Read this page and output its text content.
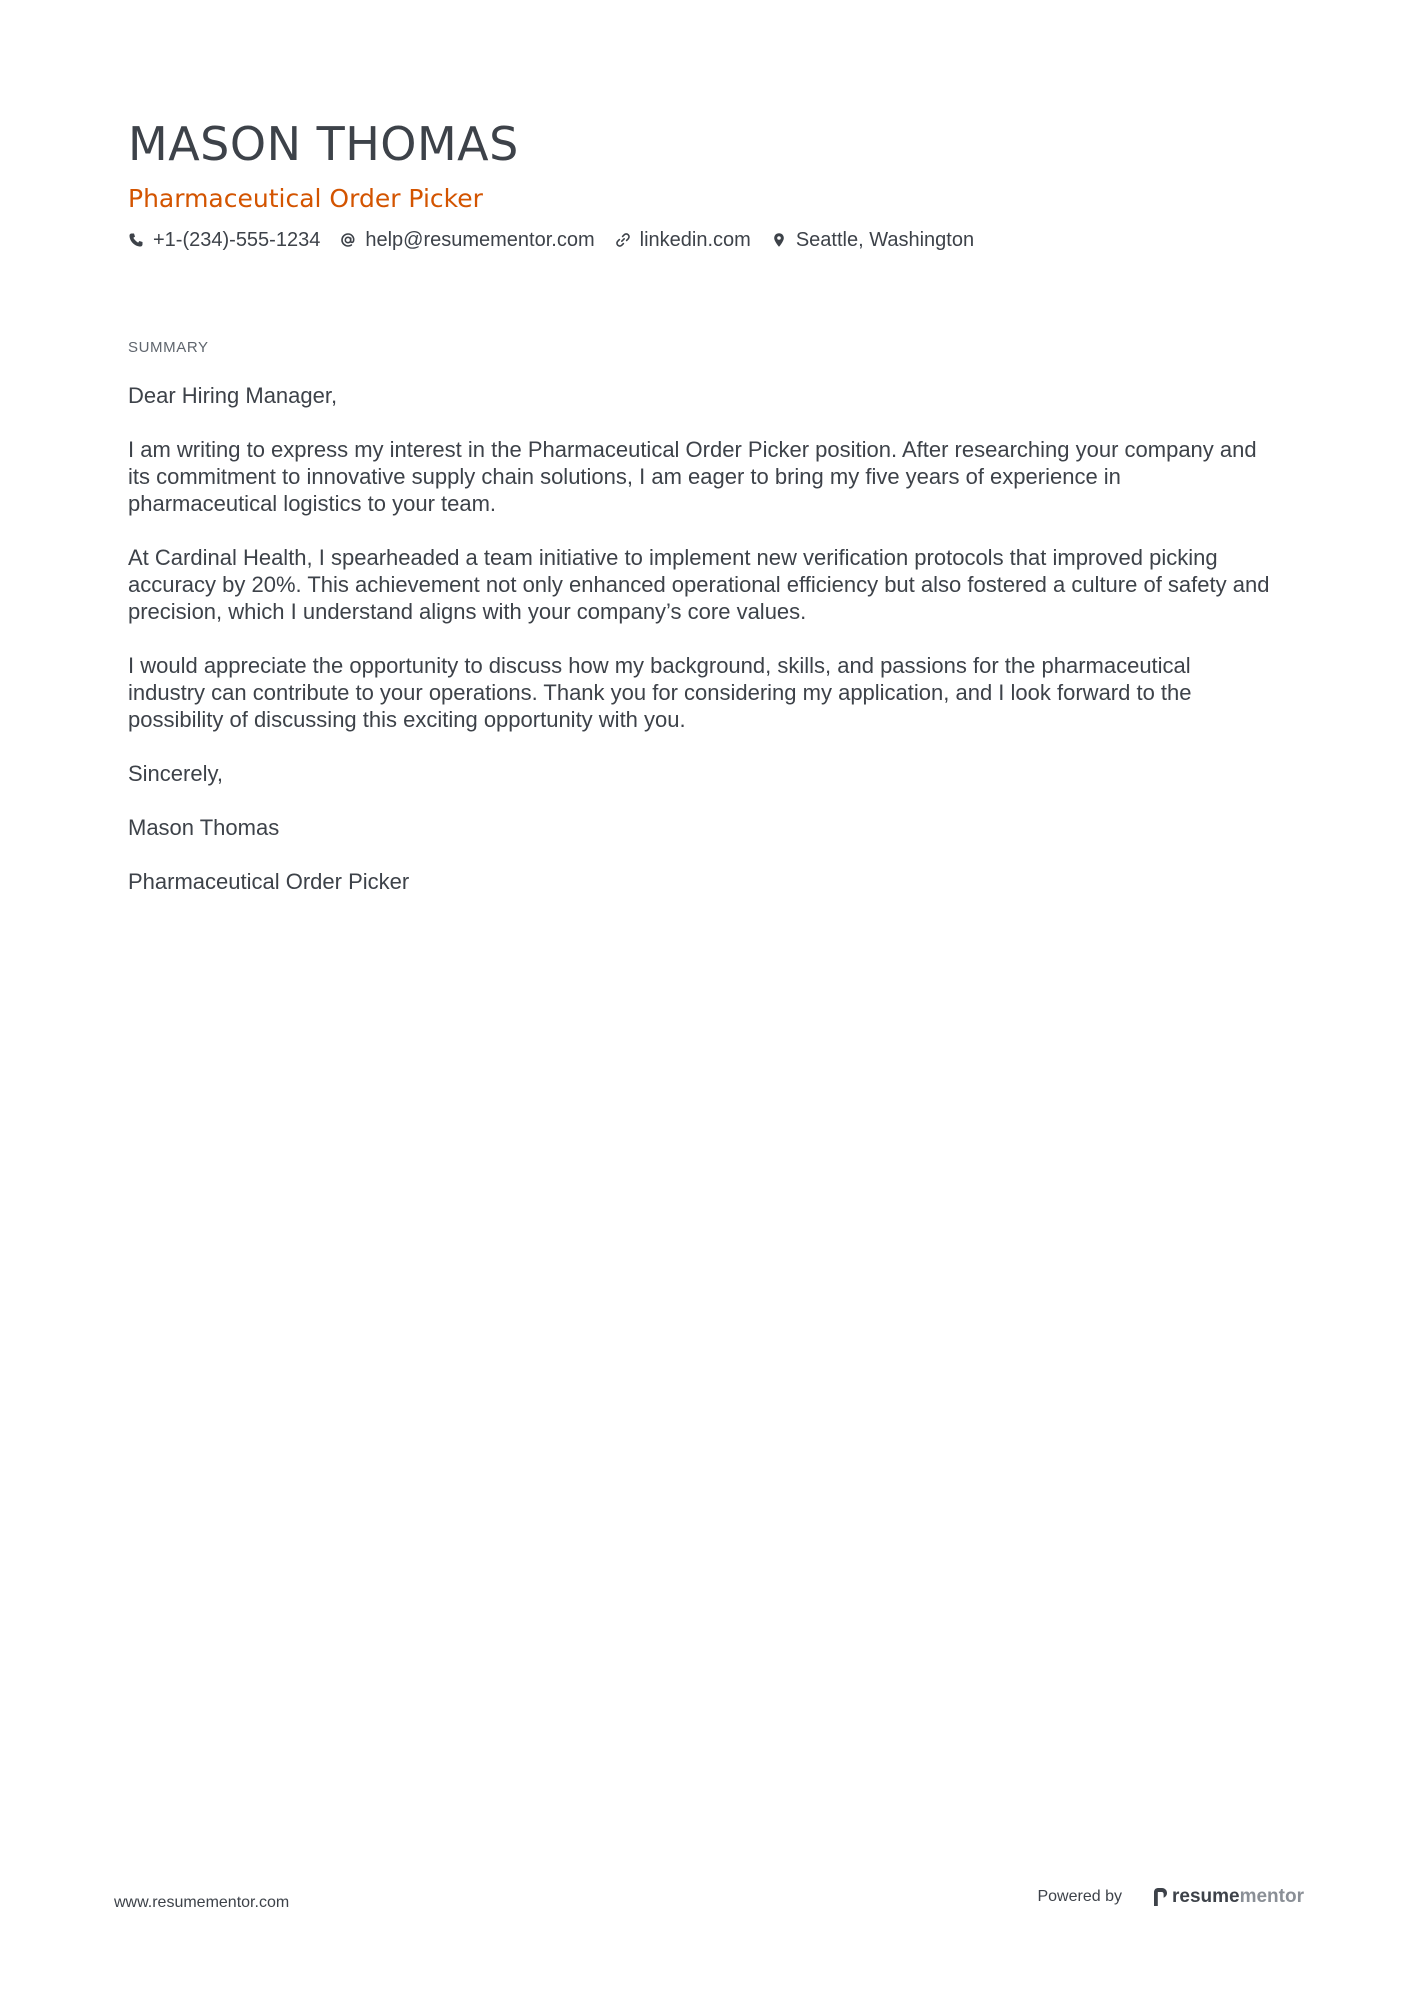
MASON THOMAS
Pharmaceutical Order Picker
+1-(234)-555-1234 help@resumementor.com linkedin.com Seattle, Washington
SUMMARY

Dear Hiring Manager,

I am writing to express my interest in the Pharmaceutical Order Picker position. After researching your company and its commitment to innovative supply chain solutions, I am eager to bring my five years of experience in pharmaceutical logistics to your team.

At Cardinal Health, I spearheaded a team initiative to implement new verification protocols that improved picking accuracy by 20%. This achievement not only enhanced operational efficiency but also fostered a culture of safety and precision, which I understand aligns with your company’s core values.

I would appreciate the opportunity to discuss how my background, skills, and passions for the pharmaceutical industry can contribute to your operations. Thank you for considering my application, and I look forward to the possibility of discussing this exciting opportunity with you.

Sincerely,

Mason Thomas

Pharmaceutical Order Picker

www.resumementor.com	Powered by	resume mentor
